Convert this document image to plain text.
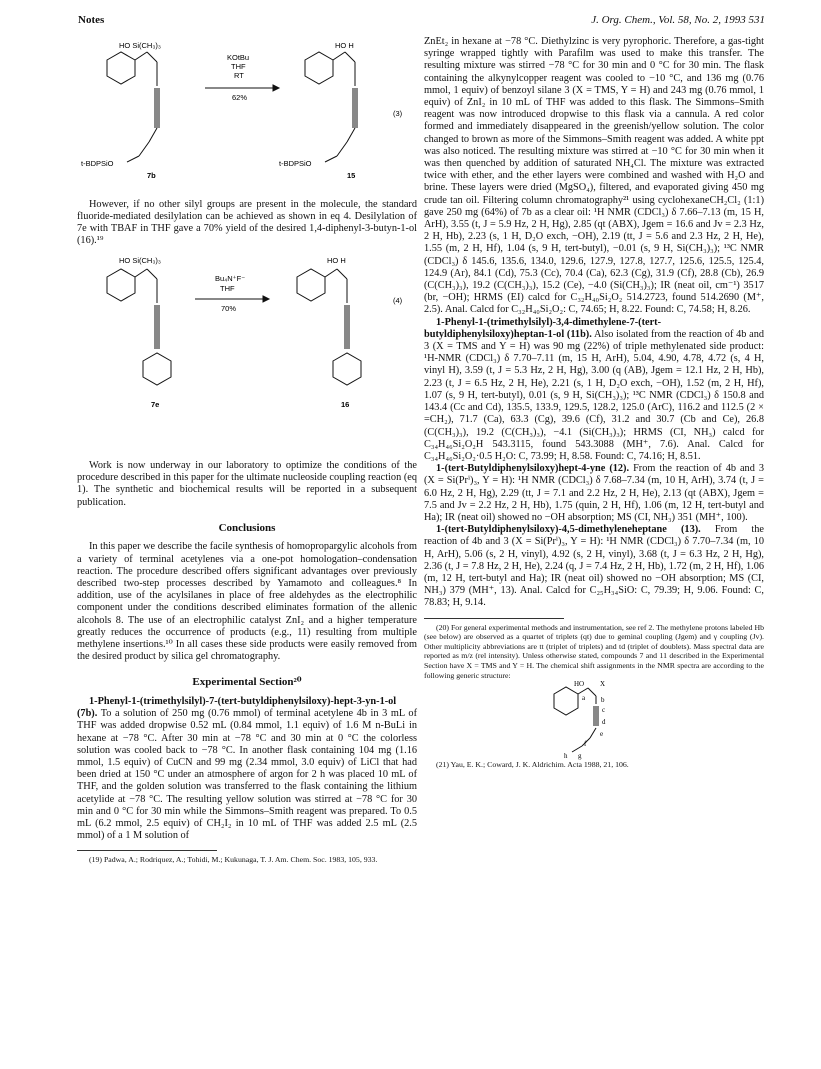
Notes	J. Org. Chem., Vol. 58, No. 2, 1993 531
HO Si(CH₃)₃
t-BDPSiO
7b
KOtBu
THF
RT
62%
HO H
t-BDPSiO
15
(3)

However, if no other silyl groups are present in the molecule, the standard fluoride-mediated desilylation can be achieved as shown in eq 4. Desilylation of 7e with TBAF in THF gave a 70% yield of the desired 1,4-diphenyl-3-butyn-1-ol (16).¹⁹

HO Si(CH₃)₃
7e
Bu₄N⁺F⁻
THF
70%
HO H
16
(4)

Work is now underway in our laboratory to optimize the conditions of the procedure described in this paper for the ultimate nucleoside coupling reaction (eq 1). The synthetic and biochemical results will be reported in a subsequent publication.

Conclusions

In this paper we describe the facile synthesis of homopropargylic alcohols from a variety of terminal acetylenes via a one-pot homologation–condensation reaction. The procedure described offers significant advantages over previously described two-step processes described by Yamamoto and colleagues.⁸ In addition, use of the acylsilanes in place of free aldehydes as the electrophilic component under the conditions described eliminates formation of the allenic alcohols 8. The use of an electrophilic catalyst ZnI₂ and a higher temperature greatly reduces the occurrence of products (e.g., 11) resulting from multiple methylene insertions.¹⁰ In all cases these side products were easily removed from the desired product by silica gel chromatography.

Experimental Section²⁰

1-Phenyl-1-(trimethylsilyl)-7-(tert-butyldiphenylsiloxy)-hept-3-yn-1-ol (7b). To a solution of 250 mg (0.76 mmol) of terminal acetylene 4b in 3 mL of THF was added dropwise 0.52 mL (0.84 mmol, 1.1 equiv) of 1.6 M n-BuLi in hexane at −78 °C. After 30 min at −78 °C and 30 min at 0 °C the colorless solution was cooled back to −78 °C. In another flask containing 104 mg (1.16 mmol, 1.5 equiv) of CuCN and 99 mg (2.34 mmol, 3.0 equiv) of LiCl that had been dried at 150 °C under an atmosphere of argon for 2 h was placed 10 mL of THF, and the golden solution was transferred to the flask containing the lithium acetylide at −78 °C. The resulting yellow solution was stirred at −78 °C for 30 min and 0 °C for 30 min while the Simmons–Smith reagent was prepared. To 0.5 mL (6.2 mmol, 2.5 equiv) of CH₂I₂ in 10 mL of THF was added 2.5 mL (2.5 mmol) of a 1 M solution of

(19) Padwa, A.; Rodriquez, A.; Tohidi, M.; Kukunaga, T. J. Am. Chem. Soc. 1983, 105, 933.

ZnEt₂ in hexane at −78 °C. Diethylzinc is very pyrophoric. Therefore, a gas-tight syringe wrapped tightly with Parafilm was used to make this transfer. The resulting mixture was stirred −78 °C for 30 min and 0 °C for 30 min. The flask containing the alkynylcopper reagent was cooled to −10 °C, and 136 mg (0.76 mmol, 1 equiv) of benzoyl silane 3 (X = TMS, Y = H) and 243 mg (0.76 mmol, 1 equiv) of ZnI₂ in 10 mL of THF was added to this flask. The Simmons–Smith reagent was now introduced dropwise to this flask via a cannula. A red color formed and immediately disappeared in the greenish/yellow solution. The color changed to brown as more of the Simmons–Smith reagent was added. A white ppt was also noticed. The resulting mixture was stirred at −10 °C for 30 min when it was then quenched by addition of saturated NH₄Cl. The mixture was extracted twice with ether, and the ether layers were combined and washed with H₂O and brine. These layers were dried (MgSO₄), filtered, and evaporated giving 450 mg crude tan oil. Filtering column chromatography²¹ using cyclohexaneCH₂Cl₂ (1:1) gave 250 mg (64%) of 7b as a clear oil: ¹H NMR (CDCl₃) δ 7.66–7.13 (m, 15 H, ArH), 3.55 (t, J = 5.9 Hz, 2 H, Hg), 2.85 (qt (ABX), Jgem = 16.6 and Jv = 2.3 Hz, 2 H, Hb), 2.23 (s, 1 H, D₂O exch, −OH), 2.19 (tt, J = 5.6 and 2.3 Hz, 2 H, He), 1.55 (m, 2 H, Hf), 1.04 (s, 9 H, tert-butyl), −0.01 (s, 9 H, Si(CH₃)₃); ¹³C NMR (CDCl₃) δ 145.6, 135.6, 134.0, 129.6, 127.9, 127.8, 127.7, 125.6, 125.5, 125.4, 124.9 (Ar), 84.1 (Cd), 75.3 (Cc), 70.4 (Ca), 62.3 (Cg), 31.9 (Cf), 28.8 (Cb), 26.9 (C(CH₃)₃), 19.2 (C(CH₃)₃), 15.2 (Ce), −4.0 (Si(CH₃)₃); IR (neat oil, cm⁻¹) 3517 (br, −OH); HRMS (EI) calcd for C₃₂H₄₀Si₂O₂ 514.2723, found 514.2690 (M⁺, 2.5). Anal. Calcd for C₃₂H₄₀Si₂O₂: C, 74.65; H, 8.22. Found: C, 74.58; H, 8.26.

1-Phenyl-1-(trimethylsilyl)-3,4-dimethylene-7-(tert-butyldiphenylsiloxy)heptan-1-ol (11b). Also isolated from the reaction of 4b and 3 (X = TMS and Y = H) was 90 mg (22%) of triple methylenated side product: ¹H-NMR (CDCl₃) δ 7.70–7.11 (m, 15 H, ArH), 5.04, 4.90, 4.78, 4.72 (s, 4 H, vinyl H), 3.59 (t, J = 5.3 Hz, 2 H, Hg), 3.00 (q (AB), Jgem = 12.1 Hz, 2 H, Hb), 2.23 (t, J = 6.5 Hz, 2 H, He), 2.21 (s, 1 H, D₂O exch, −OH), 1.52 (m, 2 H, Hf), 1.07 (s, 9 H, tert-butyl), 0.01 (s, 9 H, Si(CH₃)₃); ¹³C NMR (CDCl₃) δ 150.8 and 143.4 (Cc and Cd), 135.5, 133.9, 129.5, 128.2, 125.0 (ArC), 116.2 and 112.5 (2 × =CH₂), 71.7 (Ca), 63.3 (Cg), 39.6 (Cf), 31.2 and 30.7 (Cb and Ce), 26.8 (C(CH₃)₃), 19.2 (C(CH₃)₃), −4.1 (Si(CH₃)₃); HRMS (CI, NH₃) calcd for C₃₄H₄₆Si₂O₂H 543.3115, found 543.3088 (MH⁺, 7.6). Anal. Calcd for C₃₄H₄₆Si₂O₂·0.5 H₂O: C, 73.99; H, 8.58. Found: C, 74.16; H, 8.51.

1-(tert-Butyldiphenylsiloxy)hept-4-yne (12). From the reaction of 4b and 3 (X = Si(Prⁱ)₃, Y = H): ¹H NMR (CDCl₃) δ 7.68–7.34 (m, 10 H, ArH), 3.74 (t, J = 6.0 Hz, 2 H, Hg), 2.29 (tt, J = 7.1 and 2.2 Hz, 2 H, He), 2.13 (qt (ABX), Jgem = 7.5 and Jv = 2.2 Hz, 2 H, Hb), 1.75 (quin, 2 H, Hf), 1.06 (m, 12 H, tert-butyl and Ha); IR (neat oil) showed no −OH absorption; MS (CI, NH₃) 351 (MH⁺, 100).

1-(tert-Butyldiphenylsiloxy)-4,5-dimethyleneheptane (13). From the reaction of 4b and 3 (X = Si(Prⁱ)₃, Y = H): ¹H NMR (CDCl₃) δ 7.70–7.34 (m, 10 H, ArH), 5.06 (s, 2 H, vinyl), 4.92 (s, 2 H, vinyl), 3.68 (t, J = 6.3 Hz, 2 H, Hg), 2.36 (t, J = 7.8 Hz, 2 H, He), 2.24 (q, J = 7.4 Hz, 2 H, Hb), 1.72 (m, 2 H, Hf), 1.06 (m, 12 H, tert-butyl and Ha); IR (neat oil) showed no −OH absorption; MS (CI, NH₃) 379 (MH⁺, 13). Anal. Calcd for C₂₅H₃₄SiO: C, 79.39; H, 9.06. Found: C, 78.83; H, 9.14.

(20) For general experimental methods and instrumentation, see ref 2. The methylene protons labeled Hb (see below) are observed as a quartet of triplets (qt) due to geminal coupling (Jgem) and γ coupling (Jv). Other multiplicity abbreviations are tt (triplet of triplets) and td (triplet of doublets). Mass spectral data are reported as m/z (rel intensity). Unless otherwise stated, compounds 7 and 11 described in the Experimental Section have X = TMS and Y = H. The chemical shift assignments in the NMR spectra are according to the following generic structure:

HO X
a b
c
d
e
f
g
h

(21) Yau, E. K.; Coward, J. K. Aldrichim. Acta 1988, 21, 106.
